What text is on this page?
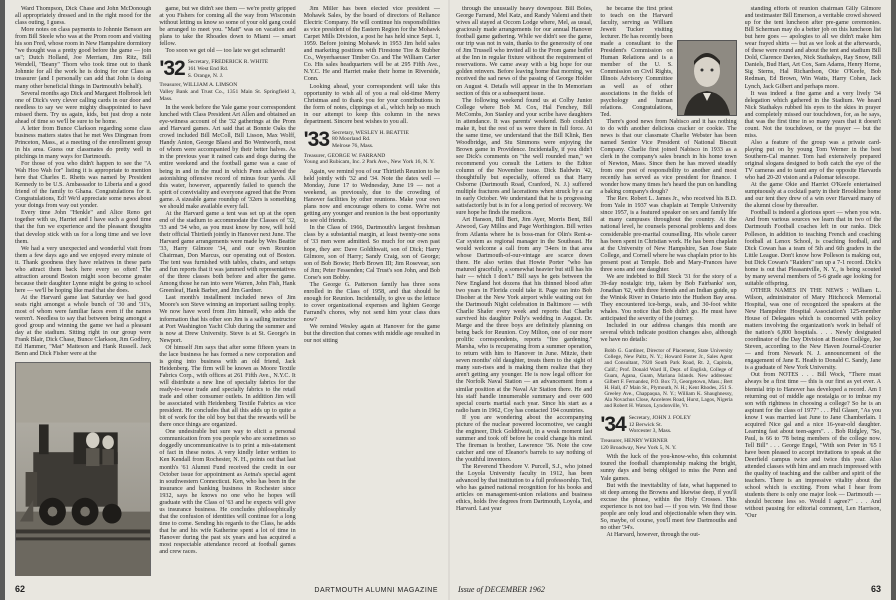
Ward Thompson, Dick Chase and John McDonough all appropriately dressed and in the right mood for the class outing, I guess.

More notes on class payments to Johnnie Benson are from Bill Steele who was at the Prom room and visiting his son Fred, whose room in New Hampshire dormitory "we thought was a pretty good before the game — join us"; Dutch Holland, Joe Merriam, Jim Ritz, Bill Wendell, "Beany" Thorn who took time out to thank Johnnie for all the work he is doing for our Class as treasurer (and I personally can add that John is doing many other beneficial things in Dartmouth's behalf).

Several months ago Dick and Margaret Holbrook left one of Dick's very clever calling cards in our door and needless to say we were mighty disappointed to have missed them. Try us again, kids, but just drop a note ahead of time so we'll be sure to be home.

A letter from Bunce Clarkson regarding some class business matters states that he met Wes Dingman from Princeton, Mass., at a meeting of the enrollment group in his area. Guess our classmates do pretty well in pitchings in many ways for Dartmouth.

For those of you who didn't happen to see the "A Wah Hoo Wah for" listing it is appropriate to mention here that Charles E. Rhetts was named by President Kennedy to be U.S. Ambassador to Liberia and a good friend of the family to Ghana. Congratulations for it. Congratulations, Ed! We'd appreciate some news about your doings from way out yonder.

Every time John "Henkle" and Alice Reno get together with us, Harriet and I have such a good time that the fun we experience and the pleasant thoughts that develop stick with us for a long time and we love them.

We had a very unexpected and wonderful visit from them a few days ago and we enjoyed every minute of it. Thank goodness they have relatives in these parts who attract them back here every so often! The attraction around Boston might soon become greater because their daughter Lynne might be going to school here — we'll be hoping like mad that she does.

At the Harvard game last Saturday we had good seats right amongst a whole bunch of '30 and '31's, most of whom were familiar faces even if the names weren't. Needless to say that between being amongst a good group and winning the game we had a pleasant day at the stadium. Sitting right in our group were Frank Blair, Dick Chase, Bunce Clarkson, Jim Godfrey, Ed Hammer, "Mat" Matteson and Hank Russell. Jack Benn and Dick Fisher were at the

game, but we didn't see them — we're pretty gripped at you Fishers for coming all the way from Wisconsin without letting us know so some of your old gang could be arranged to meet you. "Matt" was on vacation and plans to take the Rhoades down to Miami — smart fellow.

Too soon we get old — too late we get schmardt!

'32 Secretary, FREDERICK R. WHITE
161 West End Rd.
S. Orange, N. J.
Treasurer, WILLIAM A. LIMSON
Valley Bank and Trust Co., 1351 Main St. Springfield 3, Mass.

In the week before the Yale game your correspondent lunched with Class President Art Allen and obtained an eye-witness account of the '32 gatherings at the Prom and Harvard games. Art said that at Bonnie Oaks the crowd included Bill McColl, Bill Lisson, Max Wolff, Handy Anton, George Blaesi and Bo Wentworth, most of whom were accompanied by their better halves. As in the previous year it rained cats and dogs during the entire weekend and the football game was a case of being in and in the mud in which Penn achieved the astonishing offensive record of minus four yards. All this water, however, apparently failed to quench the spirit of conviviality and everyone agreed that the Prom game. A sizeable game roundup of '32ers is something we should make available every fall.

At the Harvard game a tent was set up at the open end of the stadium to accommodate the Classes of '32, '33 and '34 who, as you must know by now, will hold their official Thirtieth jointly in Hanover next June. The Harvard game arrangements were made by Wes Beattie '33, Harry Gilmore '34, and our own Reunion Chairman, Don Marcus, our operating out of Boston. The tent was furnished with tables, chairs, and setups and fun reports that it was jammed with representatives of the three classes both before and after the game. Among those he ran into were Warren, John Fish, Hank Greenleaf, Hank Barber, and Jim Gardner.

Last month's installment included news of Jim Moore's son Steve winning an important sailing trophy. We now have word from Jim himself, who adds the information that his other son Jim is a sailing instructor at Port Washington Yacht Club during the summer and is now at Drew University. Steve is at St. George's in Newport.

Of himself Jim says that after some fifteen years in the lace business he has formed a new corporation and is going into business with an old friend, Jack Heidenberg. The firm will be known as Moore Textile Fabrics Corp., with offices at 261 Fifth Ave., N.Y.C. It will distribute a new line of specialty fabrics for the ready-to-wear trade and specialty fabrics to the retail trade and other consumer outlets. In addition Jim will be associated with Heidenberg Textile Fabrics as vice president. He concludes that all this adds up to quite a bit of work for the old boy but that the rewards will be there once things are organized.

One undesirable but sure way to elicit a personal communication from you people who are sometimes so doggedly uncommunicative is to print a mis-statement of fact in these notes. A very kindly letter written to Ken Kendall from Rochester, N. H., points out that last month's '61 Alumni Fund received the credit in our October issue for appointment as Aetna's special agent in southwestern Connecticut. Ken, who has been in the insurance and banking business in Rochester since 1932, says he knows no one who he hopes will graduate with the Class of '63 and he expects will give us insurance business. He concludes philosophically that the confusion of identities will continue for a long time to come. Sending his regards to the Class, he adds that he and his wife Katherine spent a lot of time in Hanover during the past six years and has acquired a most respectable attendance record at football games and crew races.

Jim Miller has been elected vice president — Mohawk Sales, by the board of directors of Reliance Electric Company. He will continue his responsibilities as vice president of the Eastern Region for the Mohawk Carpet Mills Division, a post he has held since Sept. 1, 1959. Before joining Mohawk in 1953 Jim held sales and marketing positions with Firestone Tire & Rubber Co., Weyerhaeuser Timber Co. and The William Carter Co. His sales headquarters will be at 295 Fifth Ave., N.Y.C. He and Harriet make their home in Riverside, Conn.

Looking ahead, your correspondent will take this opportunity to wish all of you a real old-time Merry Christmas and to thank you for your contributions in the form of notes, clippings et al., which help so much in our attempt to keep this column in the news department. Sincere best wishes to you all.

'33 Secretary, WESLEY H. BEATTIE
80 Moorland Rd.
Melrose 76, Mass.
Treasurer, GEORGE W. FARRAND
Young and Rubicam, Inc. 2 Park Ave., New York 16, N. Y.

Again, we remind you of our Thirtieth Reunion to be held jointly with '32 and '34. Note the dates well — Monday, June 17 to Wednesday, June 19 — not a weekend, as previously, due to the crowding of Hanover facilities by other reunions. Make your own plans now and encourage others to come. We're not getting any younger and reunion is the best opportunity to see old friends.

In the Class of 1966, Dartmouth's largest freshman class by a substantial margin, at least twenty-one sons of '33 men were admitted. So much for our own past hope, they are: Dave Goldthwait, son of Dick; Harry Gilmore, son of Harry; Sandy Craig, son of George; son of Bob Bowie; Herb Brown III; Jim Rosevear, son of Jim; Peter Fessenden; Cal Trust's son John, and Bob Corse's son Bobby.

The George G. Patterson family has three sons enrolled in the Class of 1958, and that should be enough for Reunion. Incidentally, to give us the lettuce to cover organizational expenses and lighten George Farrand's chores, why not send him your class dues now?

We remind Wesley again at Hanover for the game but the direction that comes with middle age resulted in our not sitting

62	DARTMOUTH ALUMNI MAGAZINE

through the unusually heavy downpour. Bill Boles, George Farrand, Mel Katz, and Randy Valemi and their wives all stayed at Occom Lodge where, Mel, as usual, graciously made arrangements for our annual Hanover football game gathering. While we didn't see the game, our trip was not in vain, thanks to the generosity of one of Jim Trussell who invited all to the Prom game buffet at the Inn in regular fixture without the requirement of reservations. We came away with a big hope for our golden reinvers. Before leaving home that morning, we received the sad news of the passing of George Holder on August 4. Details will appear in the In Memoriam section of this or a subsequent issue.

The following weekend found us at Colby Junior College where Bob M. Cox, Hal Fenchey, Bill McCombs, Jon Stanley and your scribe have daughters in attendance. It was parents' weekend. Bob couldn't make it, but the rest of us were there in full force. At the same time, we understand that the Bill Klink, Ben Woodbridge, and Stu Simmons were enjoying the Brown game in Providence. Incidentally, if you didn't see Dick's comments on "the well rounded man," we recommend you consult the Letters to the Editor column of the November issue. Dick Baldwin '42, thoughtfully but especially, offered us that Harry Osborne (Dartmouth Road, Cranford, N. J.) suffered multiple fractures and lacerations when struck by a car in early October. We understand that he is progressing satisfactorily but is in for a long period of recovery. We sure hope he finds the medicos.

Art Hanson, Bill Bert, Jim Ayer, Morris Bent, Bill Atwood, Gay Millns and Page Worthington. Bill writes from Atlanta where he is boss-man for Olin's Rent-a-Car system as regional manager in the Southeast. He would welcome a call from any '34ers in that area whose Dartmouth-of-our-vintage are scarce down there. He also writes that Howie Porter "who has matured gracefully, a somewhat heavier but still has his hair — which I don't." Bill says he gets between the New England hot dozens that his thinned blood after two years in Florida could take it. Page ran into Bob Disoher at the New York airport while waiting out for the Dartmouth Night celebration in Baltimore — with Charlie Shafer every week and reports that Charlie survived his daughter Polly's wedding in August. Dr. Marge and the three boys are definitely planning on being back for Reunion. Coy Milton, one of our more prolific correspondents, reports "fire gardening." Marsha, who is recuperating from a summer operation, to return with him to Hanover in June. Mitzie, their seven months' old daughter, treats them to the sight of many sun-rises and is making them realize that they aren't getting any younger. He is now legal officer for the Norfolk Naval Station — an advancement from a similar position at the Naval Air Station there. He and his staff handle innumerable summary and over 600 special courts martial each year. Since his start as a radio ham in 1962, Coy has contacted 194 countries.

If you are wondering about the accompanying picture of the nuclear powered locomotive, we caught the engineer, Dick Goldthwait, in a weak moment last summer and took off before he could change his mind. The fireman is brother, Lawrence '36. Note the cow catcher and one of Eleanor's barrels to say nothing of the youthful inventors.

The Reverend Theodore V. Purcell, S.J., who joined the Loyola University faculty in 1912, has been advanced by that institution to a full professorship. Ted, who has gained national recognition for his books and articles on management-union relations and business ethics, holds five degrees from Dartmouth, Loyola, and Harvard. Last year

he became the first priest to teach on the Harvard faculty, serving as William Jewett Tucker visiting lecturer. He has recently been made a consultant to the President's Commission on Human Relations and is a member of the U. S. Commission on Civil Rights, Illinois Advisory Committee as well as of other associations in the fields of psychology and human relations. Congratulations, Ted.

There's good news from Nabisco and it has nothing to do with another delicious cracker or cookie. The news is that our classmate Charlie Webster has been named Senior Vice President of National Biscuit Company. Charlie first joined Nabisco in 1933 as a clerk in the company's sales branch in his home town of Newton, Mass. Since then he has moved steadily from one post of responsibility to another and most recently has served as vice president for finance. I wonder how many times he's heard the pun on handling a baking company's dough?

The Rev. Robert L. James Jr., who received his B.D. from Yale in 1937 was chaplain at Temple University since 1957, is a featured speaker on sex and family life at many campuses throughout the country. At the national level, he counsels personal problems and does considerable pre-marital counselling. His whole career has been spent in Christian work. He has been chaplain at the University of New Hampshire, San Jose State College, and Cornell where he was chaplain prior to his present post at Temple. Bob and Mary-Frances have three sons and one daughter.

We are indebted to Bill Steck '31 for the story of a 39-day nostalgic trip, taken by Bob Fairbanks' son, Jonathan '62, with three friends and an Indian guide, up the Winisk River in Ontario into the Hudson Bay area. They encountered ice-bergs, seals, and 30-foot white whales. You notice that Bob didn't go. He must have anticipated the severity of the journey.

Included in our address changes this month are several which indicate position changes also, although we have no details:

Bobb G. Gardiner, Director of Placement, State University College, New Paltz, N. Y.; Howard Foster Jr., Sales Agent and Consultant, 7920 South Park Road, Rt. 2, Capitola, Calif.; Prof. Donald Ward II, Dept. of English, College of Guam, Agana, Guam, Mariana Islands. New addresses: Gilbert F. Fernandez, P.O. Box 73, Georgetown, Mass.; Bert H. Hall, 47 Main St., Plymouth, N. H.; Kent Rhodes, 251 S. Greeley Ave., Chappaqua, N. Y.; William K. Shaughnessy, Ala Novachus Close, Anceleres Road, Hurst, Lagos, Nigeria and Robert H. Watson, Lyndonville, Vt.
'34 Secretary, JOHN J. FOLEY
12 Berwick St.
Worcester 3, Mass.
Treasurer, HENRY WERNER
120 Broadway, New York 5, N. Y.

With the luck of the you-know-who, this columnist toured the football championship making the bright, sunny days and being obliged to miss the Penn and Yale games.

But with the inevitability of fate, what happened to sit deep among the Browns and likewise deep, if you'll excuse the phrase, within the Holy Crosses. This experience is not too bad — if you win. We find those people are only loud and objectionable when they win. So, maybe, of course, you'll meet few Dartmouths and no other '34's.

At Harvard, however, through the out-

standing efforts of reunion chairman Gilly Gilmore and testimaster Bill Emerson, a veritable crowd showed up for the tent luncheon after pre-game ceremonies. Bill Scherman may do a better job on this luncheon list but here goes — apologies to all we didn't make him wear frayed shirts — but as we look at the afterwards, of these were round and about the tent and stadium Bill Dold, Clarence Davies, Nick Stathakys, Ray Snow, Bill Daniels, Bud Hart, Art Cox, Sam Adams, Henry Horne, Sig Sterns, Hal Richardson, Otie O'Keefe, Bob Redman, Ed Brown, Win Watts, Harry Cohen, Jack Lynch, Jack Gilbert and perhaps more.

It was indeed a fine game and a very lively '34 delegation which gathered in the Stadium. We heard Nick Stathakys rubbed his eyes to the skies in prayer and completely missed our touchdown, for, as he says, that was the first time in so many years that it doesn't count. Not the touchdown, or the prayer — but the miss.

Also a feature of the group was a private card-playing put on by young Tom Werner in the best Southern-Cal manner. Tom had extensively prepared original slogans designed to both catch the eye of the TV cameras and to taunt any of the opposite Harvards who had 20-20 vision and a Palomar telescope.

At the game Okie and Harriet O'Keefe entertained sumptuously at a cocktail party in their Brookline home and our tent they drew of a win over Harvard many of the alumni close by thereafter.

Football is indeed a glorious sport — when you win. And from various sources we learn that in two of the Dartmouth Football coaches left in our ranks. Dick Polleson, in addition to teaching French and coaching football at Lenox School, is coaching football, and Dick Cowan has a team of 5th and 6th graders in the Little League. Don't know how Polleson is making out, but Dick Cowan's "Raiders" ran up a 7-1 record. Dick's home is out that Pleasantville, N. Y., is being scouted by many several members of 5-6 grade age looking for suitable offspring.

OTHER NAMES IN THE NEWS : William L. Wilson, administrator of Mary Hitchcock Memorial Hospital, was one of recognized the speakers at the New Hampshire Hospital Association's 125-member House of Delegates which is concerned with policy matters involving the organization's work in behalf of the nation's 6,800 hospitals. . . . Newly designated coordinator of the Day Division at Boston Collège, Joe Steven, according to the New Haven Journal-Courier — and from Newark N. J. announcement of the engagement of Jane E. Heath to Donald C. Sandy, Jane is a graduate of New York University.

Out from NOTES . . . Bill Wock, "There must always be a first time — this is our first as yet ever. A biennial trip to Hanover has developed a record. Am I returning out of middle age nostalgia or to imbue my son with rightness in choosing a college? So he is an aspirant for the class of 1977" . . . Phil Glaser, "As you know I was married last June to Jane Chamberlain. I acquired Nice gal and a nice 16-year-old daughter. Learning fast about teen-agers". . . Bob Ridgley, "So, Paul, is 66 to '78 being members of the college now. Tell Bill" . . . George Engel, "With son Peter in '65 I have been pleased to accept invitations to speak at the Deerfield campus twice and twice this year. Also attended classes with him and am much impressed with the quality of teaching and the caliber and spirit of the teachers. There is an impressive vitality about the school which is exciting. From what I hear from students there is only one major look — Dartmouth — should become less so. Would I agree?" . . . And without pausing for editorial comment, Len Harrison, "Our

Issue of DECEMBER 1962	63
